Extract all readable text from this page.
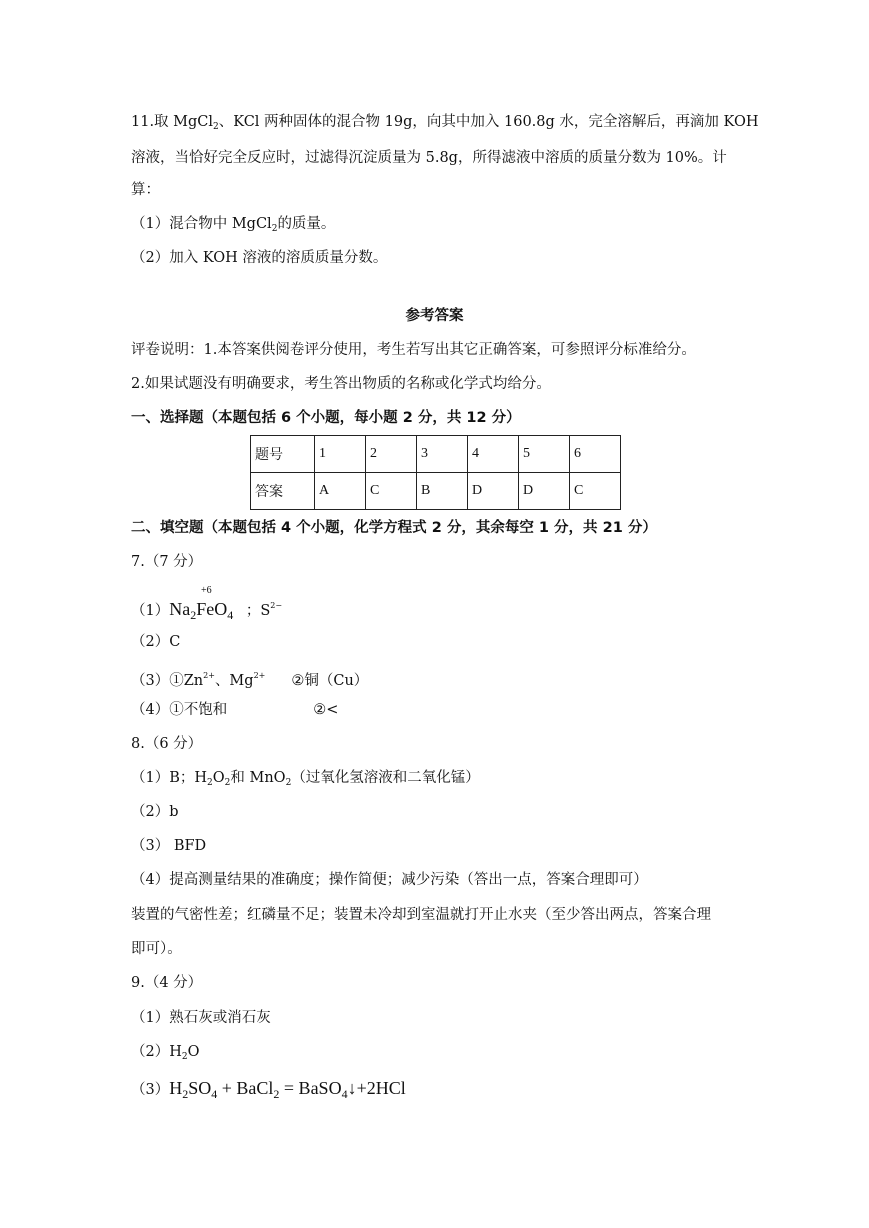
11.取 MgCl$_2$、KCl 两种固体的混合物 19g，向其中加入 160.8g 水，完全溶解后，再滴加 KOH
溶液，当恰好完全反应时，过滤得沉淀质量为 5.8g，所得滤液中溶质的质量分数为 10%。计
算：
（1）混合物中 MgCl$_2$的质量。
（2）加入 KOH 溶液的溶质质量分数。
参考答案
评卷说明：1.本答案供阅卷评分使用，考生若写出其它正确答案，可参照评分标准给分。
2.如果试题没有明确要求，考生答出物质的名称或化学式均给分。
一、选择题（本题包括 6 个小题，每小题 2 分，共 12 分）
题号	1	2	3	4	5	6
答案	A	C	B	D	D	C
二、填空题（本题包括 4 个小题，化学方程式 2 分，其余每空 1 分，共 21 分）
7.（7 分）
$(1)Na_2FeO_4$ ；$S^{2-}$
+6
（2）C
$(3)①Zn^{2+}$、$Mg^{2+}$ ②铜（Cu）
（4）①不饱和	②<
8.（6 分）
（1）B；$H_2O_2$和 MnO$_2$（过氧化氢溶液和二氧化锰）
（2）b
（3） BFD
（4）提高测量结果的准确度；操作简便；减少污染（答出一点，答案合理即可）
装置的气密性差；红磷量不足；装置未冷却到室温就打开止水夹（至少答出两点，答案合理
即可）。
9.（4 分）
（1）熟石灰或消石灰
$(2)H_2O$
$(3)H_2SO_4$ + BaCl$_2$ = BaSO$_4$↓+2HCl
